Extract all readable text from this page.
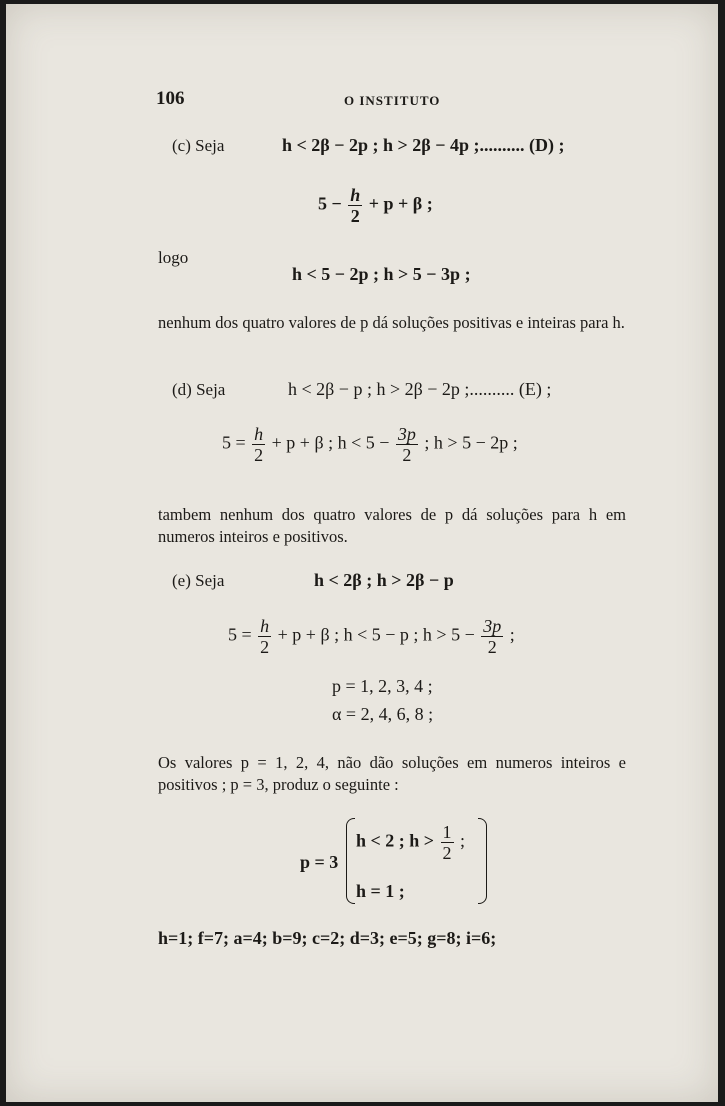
106	O INSTITUTO
(c) Seja	h < 2β − 2p ; h > 2β − 4p ;.......... (D) ;
$5 - \frac{h}{2} + p + \beta$ ;
logo
h < 5 − 2p ; h > 5 − 3p ;
nenhum dos quatro valores de p dá soluções positivas e inteiras para h.
(d) Seja	h < 2β − p ; h > 2β − 2p ;.......... (E) ;
$5 = \frac{h}{2} + p + \beta$ ; $h < 5 - \frac{3p}{2}$ ; h > 5 − 2p ;
tambem nenhum dos quatro valores de p dá soluções para h em numeros inteiros e positivos.
(e) Seja	h < 2β ; h > 2β − p
$5 = \frac{h}{2} + p + \beta$ ; h < 5 − p ; $h > 5 - \frac{3p}{2}$ ;
p = 1, 2, 3, 4 ;
α = 2, 4, 6, 8 ;
Os valores p = 1, 2, 4, não dão soluções em numeros inteiros e positivos ; p = 3, produz o seguinte :
p = 3
h < 2 ; $h > \frac{1}{2}$ ;
h = 1 ;
h=1; f=7; a=4; b=9; c=2; d=3; e=5; g=8; i=6;
